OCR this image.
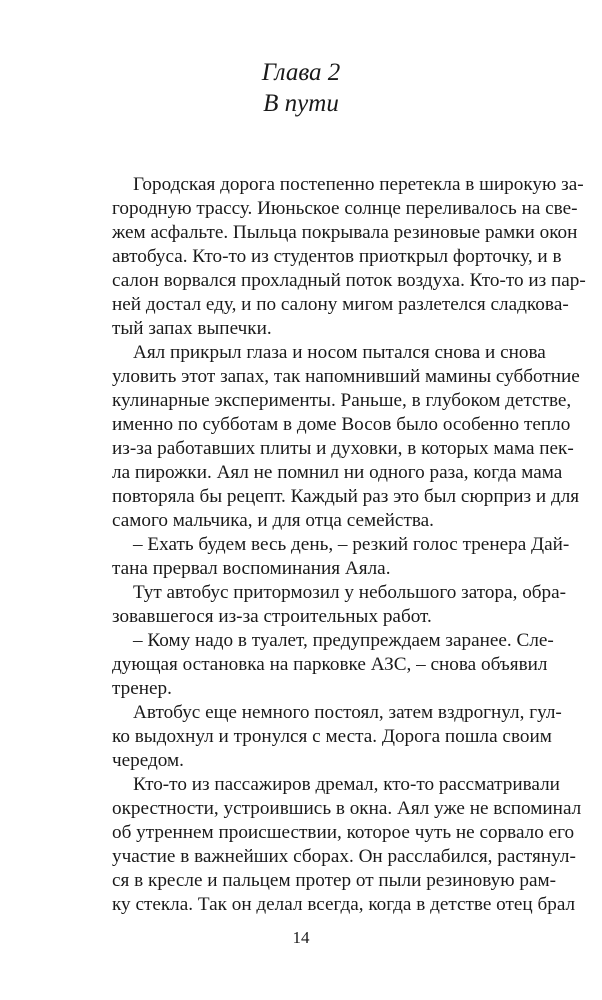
Глава 2
В пути
Городская дорога постепенно перетекла в широкую за-
городную трассу. Июньское солнце переливалось на све-
жем асфальте. Пыльца покрывала резиновые рамки окон
автобуса. Кто-то из студентов приоткрыл форточку, и в
салон ворвался прохладный поток воздуха. Кто-то из пар-
ней достал еду, и по салону мигом разлетелся сладковa-
тый запах выпечки.
Аял прикрыл глаза и носом пытался снова и снова
уловить этот запах, так напомнивший мамины субботние
кулинарные эксперименты. Раньше, в глубоком детстве,
именно по субботам в доме Восов было особенно тепло
из-за работавших плиты и духовки, в которых мама пек-
ла пирожки. Аял не помнил ни одного раза, когда мама
повторяла бы рецепт. Каждый раз это был сюрприз и для
самого мальчика, и для отца семейства.
– Ехать будем весь день, – резкий голос тренера Дай-
тана прервал воспоминания Аяла.
Тут автобус притормозил у небольшого затора, обра-
зовавшегося из-за строительных работ.
– Кому надо в туалет, предупреждаем заранее. Сле-
дующая остановка на парковке АЗС, – снова объявил
тренер.
Автобус еще немного постоял, затем вздрогнул, гул-
ко выдохнул и тронулся с места. Дорога пошла своим
чередом.
Кто-то из пассажиров дремал, кто-то рассматривали
окрестности, устроившись в окна. Аял уже не вспоминал
об утреннем происшествии, которое чуть не сорвало его
участие в важнейших сборах. Он расслабился, растянул-
ся в кресле и пальцем протер от пыли резиновую рам-
ку стекла. Так он делал всегда, когда в детстве отец брал
14
